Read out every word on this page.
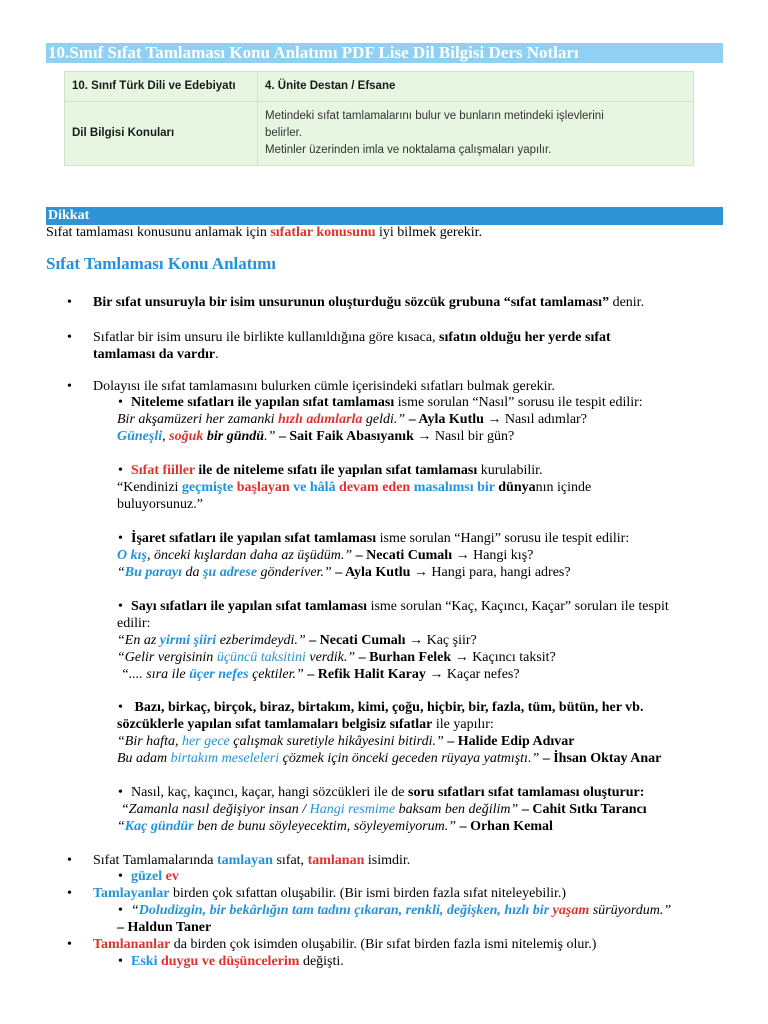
10.Sınıf Sıfat Tamlaması Konu Anlatımı PDF Lise Dil Bilgisi Ders Notları
10. Sınıf Türk Dili ve Edebiyatı	4. Ünite Destan / Efsane
Dil Bilgisi Konuları	Metindeki sıfat tamlamalarını bulur ve bunların metindeki işlevlerini
belirler.
Metinler üzerinden imla ve noktalama çalışmaları yapılır.
Dikkat
Sıfat tamlaması konusunu anlamak için sıfatlar konusunu iyi bilmek gerekir.
Sıfat Tamlaması Konu Anlatımı
• Bir sıfat unsuruyla bir isim unsurunun oluşturduğu sözcük grubuna “sıfat tamlaması” denir.
• Sıfatlar bir isim unsuru ile birlikte kullanıldığına göre kısaca, sıfatın olduğu her yerde sıfat
tamlaması da vardır.
• Dolayısı ile sıfat tamlamasını bulurken cümle içerisindeki sıfatları bulmak gerekir.
• Niteleme sıfatları ile yapılan sıfat tamlaması isme sorulan “Nasıl” sorusu ile tespit edilir:
Bir akşamüzeri her zamanki hızlı adımlarla geldi.” – Ayla Kutlu → Nasıl adımlar?
Güneşli, soğuk bir gündü.” – Sait Faik Abasıyanık → Nasıl bir gün?
• Sıfat fiiller ile de niteleme sıfatı ile yapılan sıfat tamlaması kurulabilir.
“Kendinizi geçmişte başlayan ve hâlâ devam eden masalımsı bir dünyanın içinde
buluyorsunuz.”
• İşaret sıfatları ile yapılan sıfat tamlaması isme sorulan “Hangi” sorusu ile tespit edilir:
O kış, önceki kışlardan daha az üşüdüm.” – Necati Cumalı → Hangi kış?
“Bu parayı da şu adrese gönderiver.” – Ayla Kutlu → Hangi para, hangi adres?
• Sayı sıfatları ile yapılan sıfat tamlaması isme sorulan “Kaç, Kaçıncı, Kaçar” soruları ile tespit
edilir:
“En az yirmi şiiri ezberimdeydi.” – Necati Cumalı → Kaç şiir?
“Gelir vergisinin üçüncü taksitini verdik.” – Burhan Felek → Kaçıncı taksit?
“.... sıra ile üçer nefes çektiler.” – Refik Halit Karay → Kaçar nefes?
• Bazı, birkaç, birçok, biraz, birtakım, kimi, çoğu, hiçbir, bir, fazla, tüm, bütün, her vb.
sözcüklerle yapılan sıfat tamlamaları belgisiz sıfatlar ile yapılır:
“Bir hafta, her gece çalışmak suretiyle hikâyesini bitirdi.” – Halide Edip Adıvar
Bu adam birtakım meseleleri çözmek için önceki geceden rüyaya yatmıştı.” – İhsan Oktay Anar
• Nasıl, kaç, kaçıncı, kaçar, hangi sözcükleri ile de soru sıfatları sıfat tamlaması oluşturur:
“Zamanla nasıl değişiyor insan / Hangi resmime baksam ben değilim” – Cahit Sıtkı Tarancı
“Kaç gündür ben de bunu söyleyecektim, söyleyemiyorum.” – Orhan Kemal
• Sıfat Tamlamalarında tamlayan sıfat, tamlanan isimdir.
• güzel ev
• Tamlayanlar birden çok sıfattan oluşabilir. (Bir ismi birden fazla sıfat niteleyebilir.)
• “Doludizgin, bir bekârlığın tam tadını çıkaran, renkli, değişken, hızlı bir yaşam sürüyordum.”
– Haldun Taner
• Tamlananlar da birden çok isimden oluşabilir. (Bir sıfat birden fazla ismi nitelemiş olur.)
• Eski duygu ve düşüncelerim değişti.
